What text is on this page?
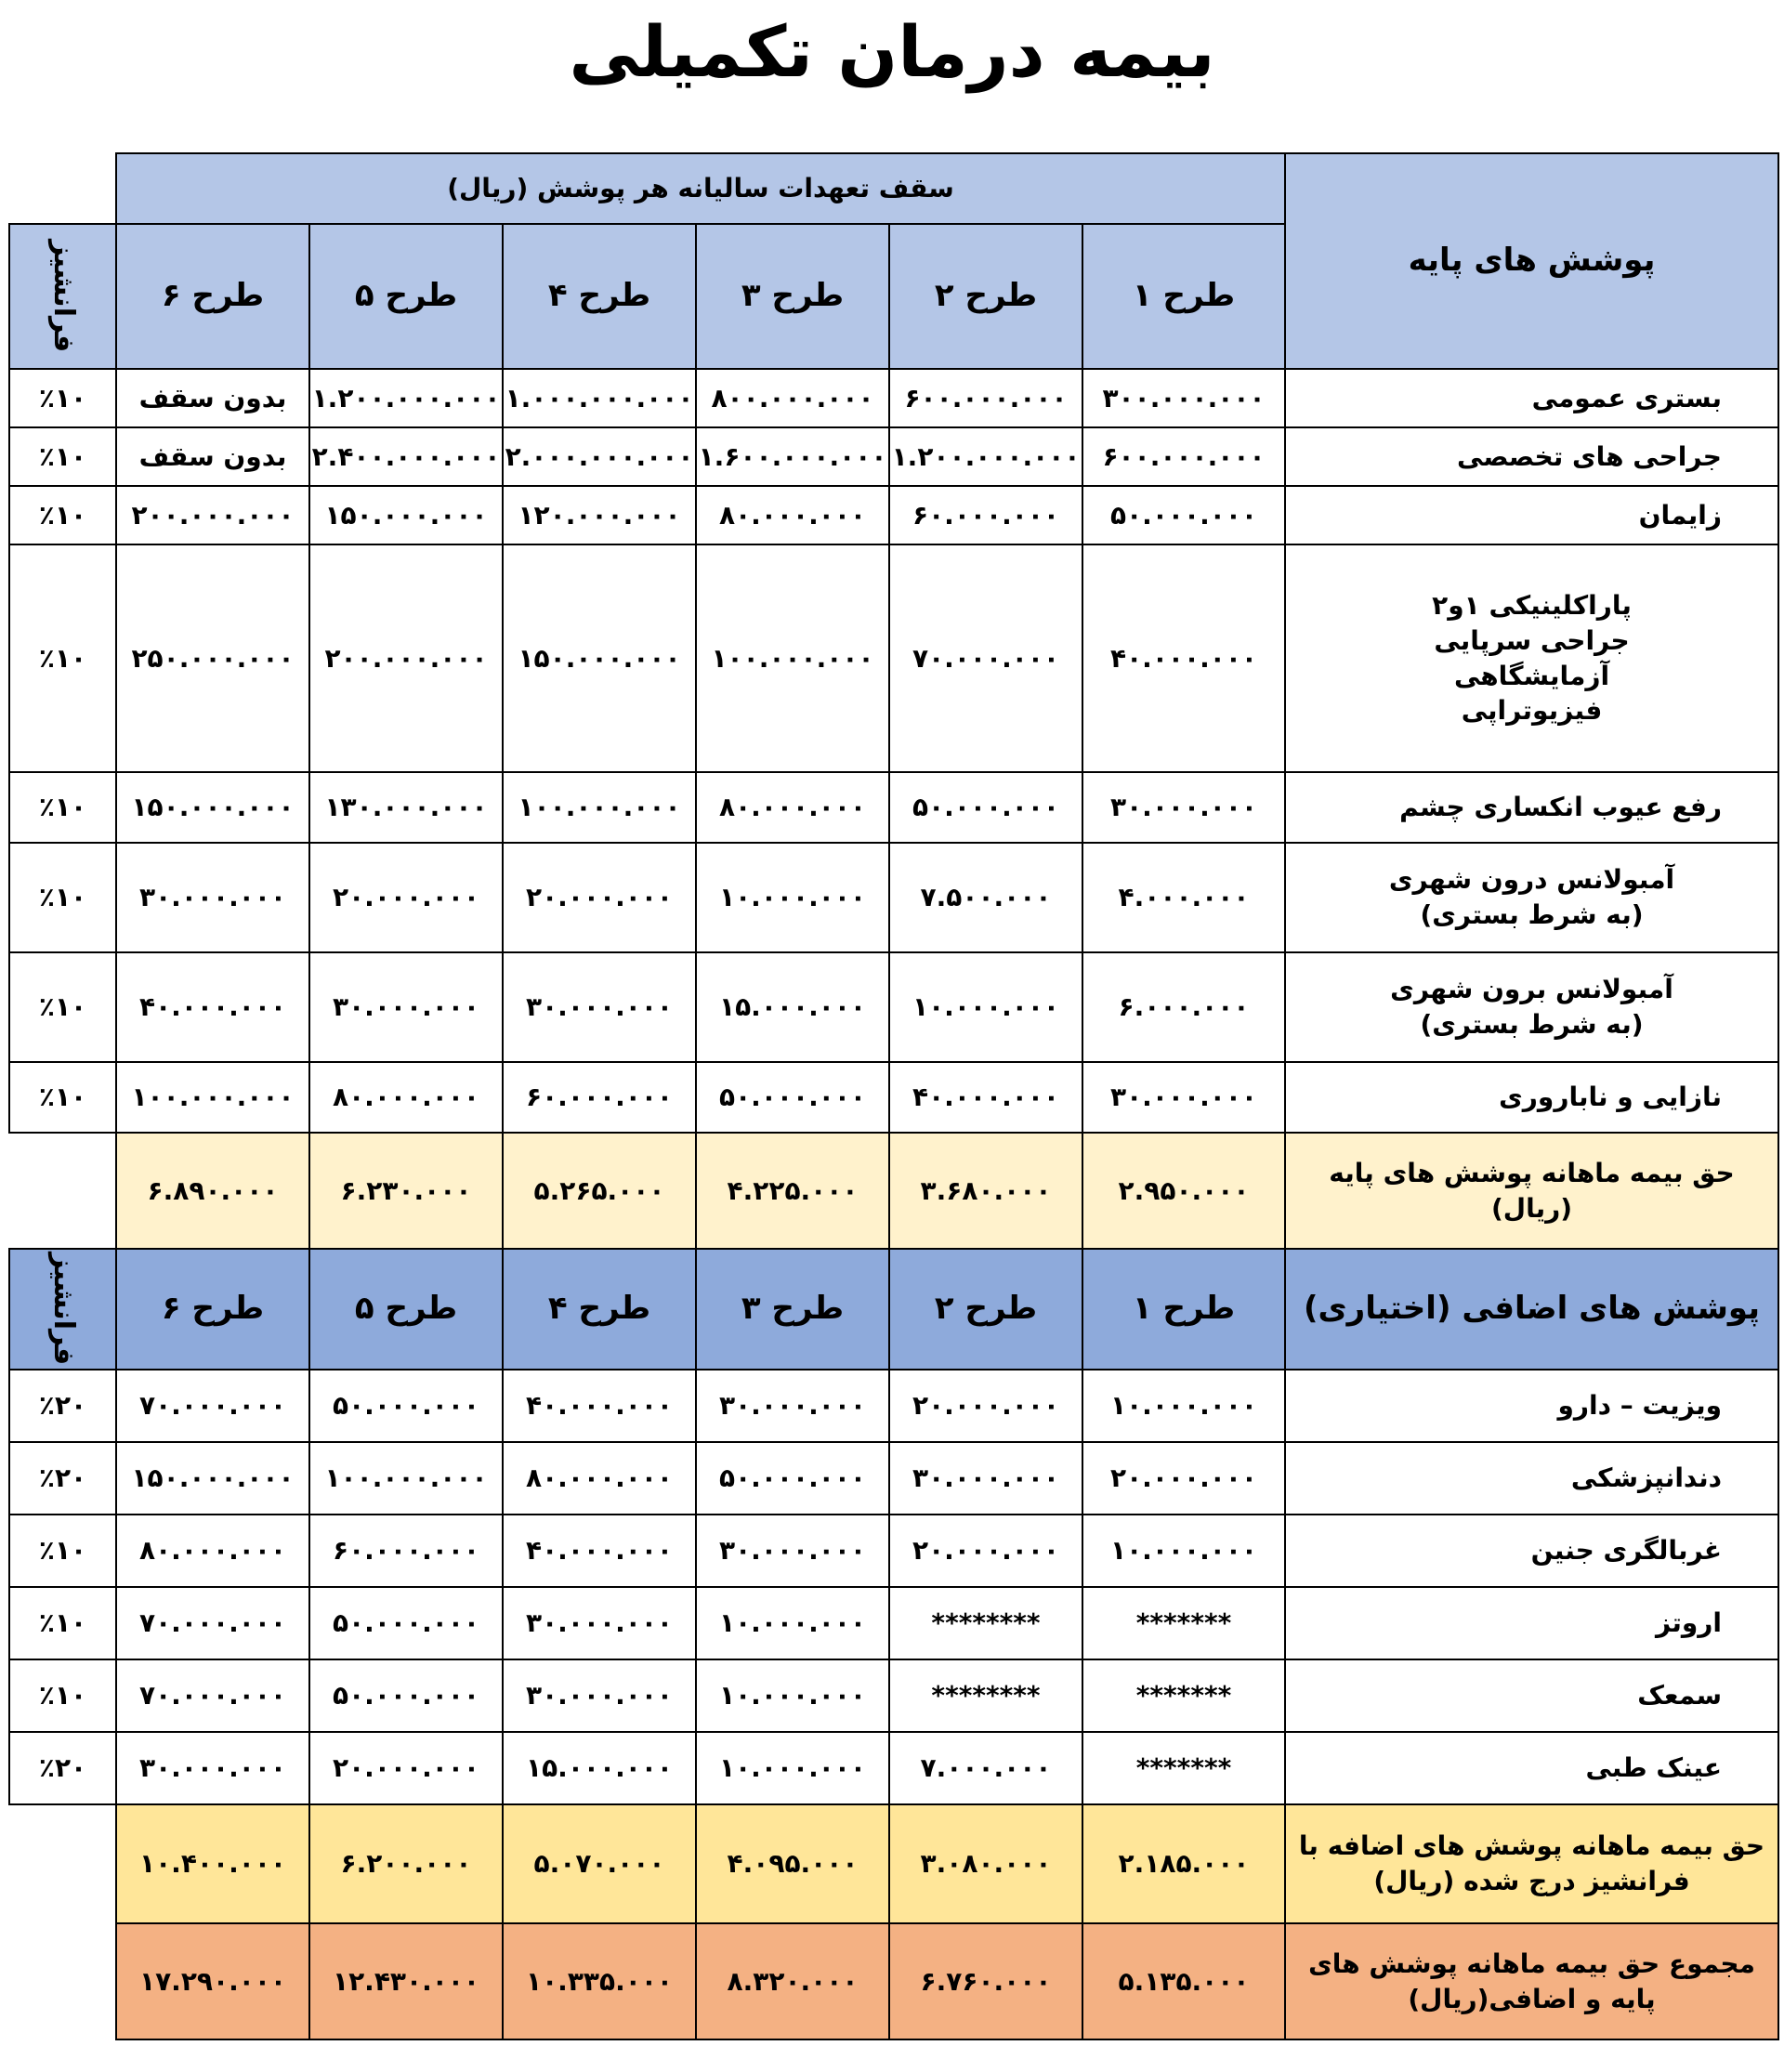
بیمه درمان تکمیلی
پوشش های پایه
سقف تعهدات سالیانه هر پوشش (ریال)
فرانشیز	طرح ۱
طرح ۲
طرح ۳
طرح ۴
طرح ۵
طرح ۶
بستری عمومی
۳۰۰.۰۰۰.۰۰۰
۶۰۰.۰۰۰.۰۰۰
۸۰۰.۰۰۰.۰۰۰
۱.۰۰۰.۰۰۰.۰۰۰
۱.۲۰۰.۰۰۰.۰۰۰
بدون سقف
٪۱۰
جراحی های تخصصی
۶۰۰.۰۰۰.۰۰۰
۱.۲۰۰.۰۰۰.۰۰۰
۱.۶۰۰.۰۰۰.۰۰۰
۲.۰۰۰.۰۰۰.۰۰۰
۲.۴۰۰.۰۰۰.۰۰۰
بدون سقف
٪۱۰
زایمان
۵۰.۰۰۰.۰۰۰
۶۰.۰۰۰.۰۰۰
۸۰.۰۰۰.۰۰۰
۱۲۰.۰۰۰.۰۰۰
۱۵۰.۰۰۰.۰۰۰
۲۰۰.۰۰۰.۰۰۰
٪۱۰
پاراکلینیکی ۱و۲
جراحی سرپایی
آزمایشگاهی
فیزیوتراپی
۴۰.۰۰۰.۰۰۰
۷۰.۰۰۰.۰۰۰
۱۰۰.۰۰۰.۰۰۰
۱۵۰.۰۰۰.۰۰۰
۲۰۰.۰۰۰.۰۰۰
۲۵۰.۰۰۰.۰۰۰
٪۱۰
رفع عیوب انکساری چشم
۳۰.۰۰۰.۰۰۰
۵۰.۰۰۰.۰۰۰
۸۰.۰۰۰.۰۰۰
۱۰۰.۰۰۰.۰۰۰
۱۳۰.۰۰۰.۰۰۰
۱۵۰.۰۰۰.۰۰۰
٪۱۰
آمبولانس درون شهری
(به شرط بستری)
۴.۰۰۰.۰۰۰
۷.۵۰۰.۰۰۰
۱۰.۰۰۰.۰۰۰
۲۰.۰۰۰.۰۰۰
۲۰.۰۰۰.۰۰۰
۳۰.۰۰۰.۰۰۰
٪۱۰
آمبولانس برون شهری
(به شرط بستری)
۶.۰۰۰.۰۰۰
۱۰.۰۰۰.۰۰۰
۱۵.۰۰۰.۰۰۰
۳۰.۰۰۰.۰۰۰
۳۰.۰۰۰.۰۰۰
۴۰.۰۰۰.۰۰۰
٪۱۰
نازایی و ناباروری
۳۰.۰۰۰.۰۰۰
۴۰.۰۰۰.۰۰۰
۵۰.۰۰۰.۰۰۰
۶۰.۰۰۰.۰۰۰
۸۰.۰۰۰.۰۰۰
۱۰۰.۰۰۰.۰۰۰
٪۱۰
حق بیمه ماهانه پوشش های پایه
(ریال)
۲.۹۵۰.۰۰۰
۳.۶۸۰.۰۰۰
۴.۲۲۵.۰۰۰
۵.۲۶۵.۰۰۰
۶.۲۳۰.۰۰۰
۶.۸۹۰.۰۰۰
پوشش های اضافی (اختیاری)
طرح ۱
طرح ۲
طرح ۳
طرح ۴
طرح ۵
طرح ۶
فرانشیز
ویزیت – دارو
۱۰.۰۰۰.۰۰۰
۲۰.۰۰۰.۰۰۰
۳۰.۰۰۰.۰۰۰
۴۰.۰۰۰.۰۰۰
۵۰.۰۰۰.۰۰۰
۷۰.۰۰۰.۰۰۰
٪۲۰
دندانپزشکی
۲۰.۰۰۰.۰۰۰
۳۰.۰۰۰.۰۰۰
۵۰.۰۰۰.۰۰۰
۸۰.۰۰۰.۰۰۰
۱۰۰.۰۰۰.۰۰۰
۱۵۰.۰۰۰.۰۰۰
٪۲۰
غربالگری جنین
۱۰.۰۰۰.۰۰۰
۲۰.۰۰۰.۰۰۰
۳۰.۰۰۰.۰۰۰
۴۰.۰۰۰.۰۰۰
۶۰.۰۰۰.۰۰۰
۸۰.۰۰۰.۰۰۰
٪۱۰
اروتز
*******
********
۱۰.۰۰۰.۰۰۰
۳۰.۰۰۰.۰۰۰
۵۰.۰۰۰.۰۰۰
۷۰.۰۰۰.۰۰۰
٪۱۰
سمعک
*******
********
۱۰.۰۰۰.۰۰۰
۳۰.۰۰۰.۰۰۰
۵۰.۰۰۰.۰۰۰
۷۰.۰۰۰.۰۰۰
٪۱۰
عینک طبی
*******
۷.۰۰۰.۰۰۰
۱۰.۰۰۰.۰۰۰
۱۵.۰۰۰.۰۰۰
۲۰.۰۰۰.۰۰۰
۳۰.۰۰۰.۰۰۰
٪۲۰
حق بیمه ماهانه پوشش های اضافه با
فرانشیز درج شده (ریال)
۲.۱۸۵.۰۰۰
۳.۰۸۰.۰۰۰
۴.۰۹۵.۰۰۰
۵.۰۷۰.۰۰۰
۶.۲۰۰.۰۰۰
۱۰.۴۰۰.۰۰۰
مجموع حق بیمه ماهانه پوشش های
پایه و اضافی(ریال)
۵.۱۳۵.۰۰۰
۶.۷۶۰.۰۰۰
۸.۳۲۰.۰۰۰
۱۰.۳۳۵.۰۰۰
۱۲.۴۳۰.۰۰۰
۱۷.۲۹۰.۰۰۰
